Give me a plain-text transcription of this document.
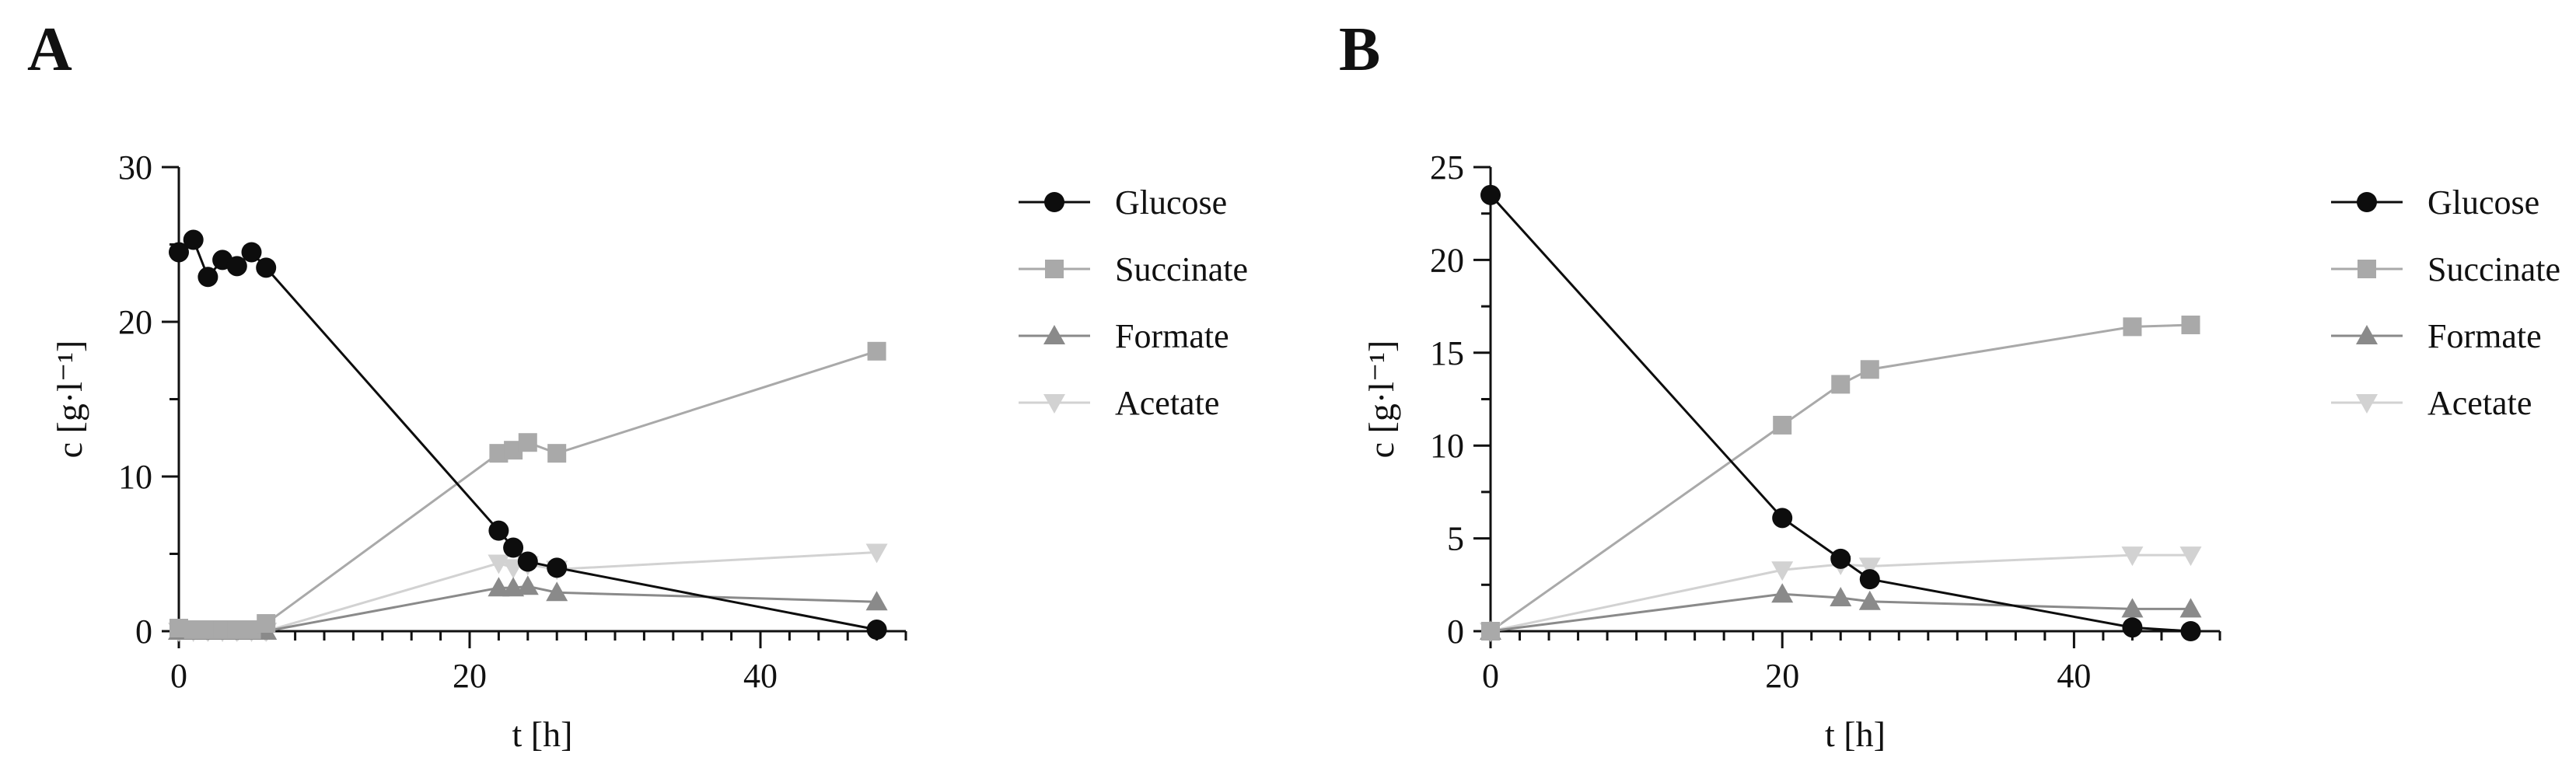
A
0
10
20
30
0	20	40
t [h]
c [g·l⁻¹]
Glucose
Succinate
Formate
Acetate
B
0
5
10
15
20
25
0	20	40
t [h]
c [g·l⁻¹]
Glucose
Succinate
Formate
Acetate
